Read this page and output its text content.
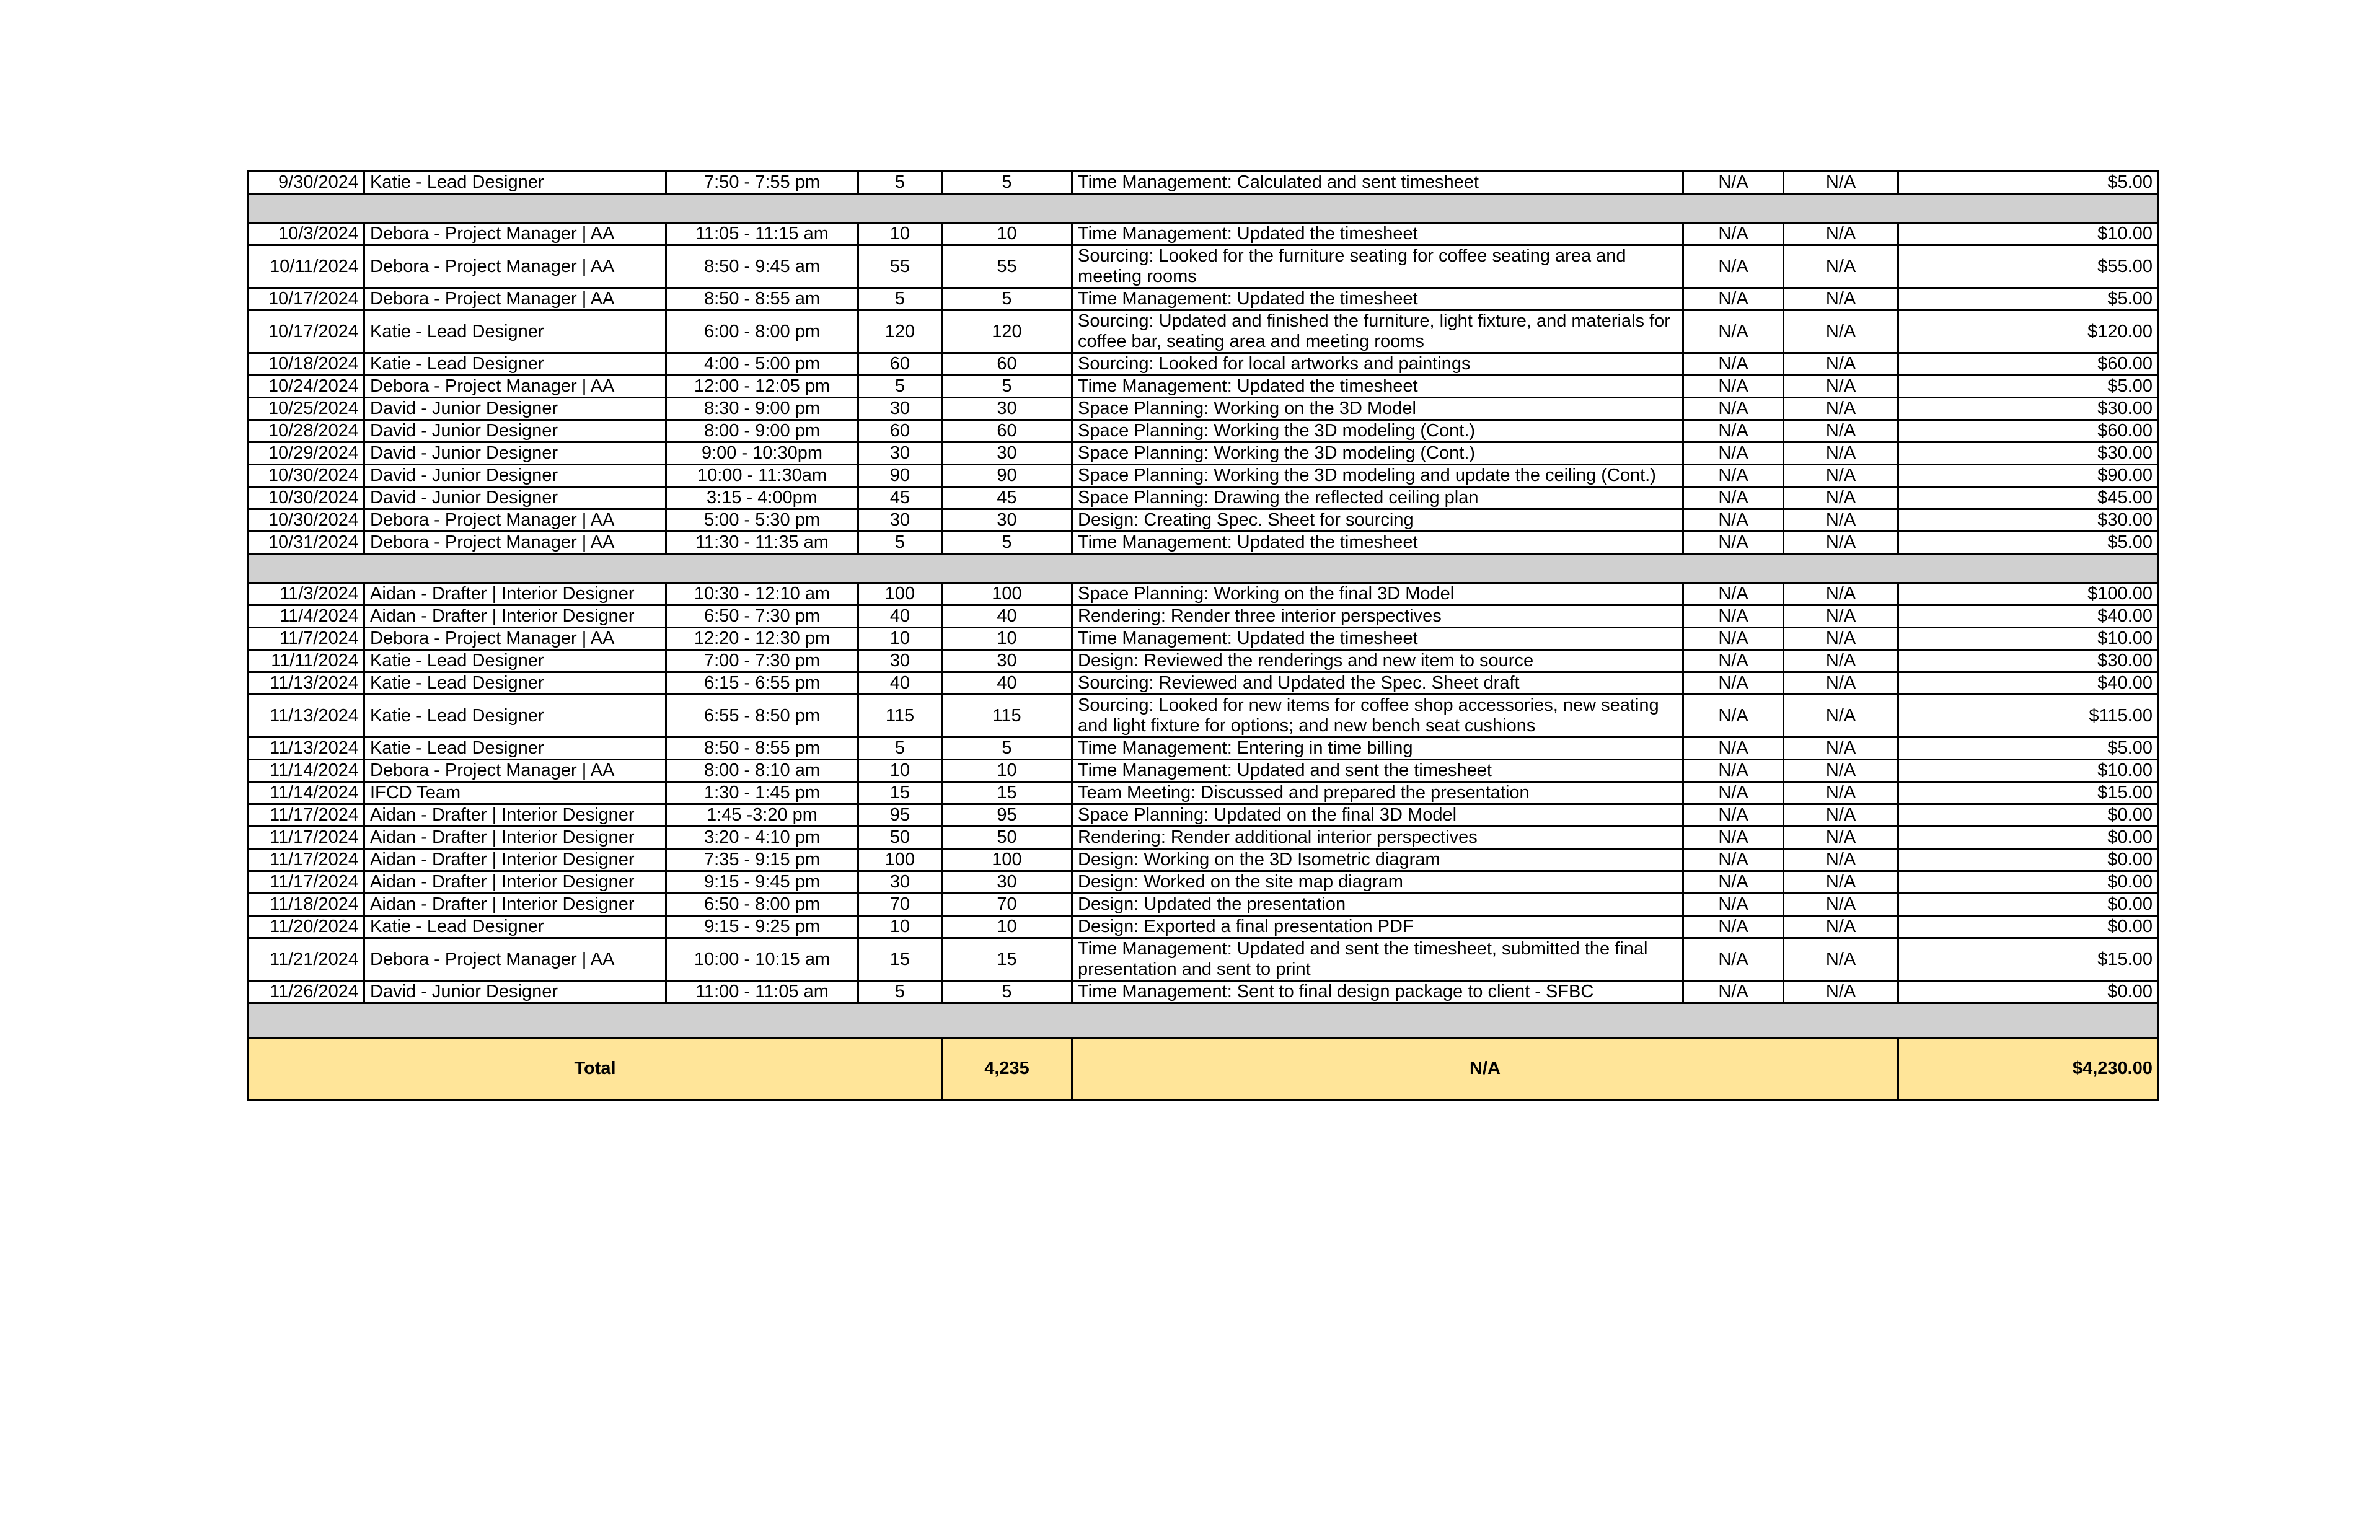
9/30/2024	Katie - Lead Designer	7:50 - 7:55 pm	5	5	Time Management: Calculated and sent timesheet	N/A	N/A	$5.00

10/3/2024	Debora - Project Manager | AA	11:05 - 11:15 am	10	10	Time Management: Updated the timesheet	N/A	N/A	$10.00
10/11/2024	Debora - Project Manager | AA	8:50 - 9:45 am	55	55	Sourcing: Looked for the furniture seating for coffee seating area and meeting rooms	N/A	N/A	$55.00
10/17/2024	Debora - Project Manager | AA	8:50 - 8:55 am	5	5	Time Management: Updated the timesheet	N/A	N/A	$5.00
10/17/2024	Katie - Lead Designer	6:00 - 8:00 pm	120	120	Sourcing: Updated and finished the furniture, light fixture, and materials for coffee bar, seating area and meeting rooms	N/A	N/A	$120.00
10/18/2024	Katie - Lead Designer	4:00 - 5:00 pm	60	60	Sourcing: Looked for local artworks and paintings	N/A	N/A	$60.00
10/24/2024	Debora - Project Manager | AA	12:00 - 12:05 pm	5	5	Time Management: Updated the timesheet	N/A	N/A	$5.00
10/25/2024	David - Junior Designer	8:30 - 9:00 pm	30	30	Space Planning: Working on the 3D Model	N/A	N/A	$30.00
10/28/2024	David - Junior Designer	8:00 - 9:00 pm	60	60	Space Planning: Working the 3D modeling (Cont.)	N/A	N/A	$60.00
10/29/2024	David - Junior Designer	9:00 - 10:30pm	30	30	Space Planning: Working the 3D modeling (Cont.)	N/A	N/A	$30.00
10/30/2024	David - Junior Designer	10:00 - 11:30am	90	90	Space Planning: Working the 3D modeling and update the ceiling (Cont.)	N/A	N/A	$90.00
10/30/2024	David - Junior Designer	3:15 - 4:00pm	45	45	Space Planning: Drawing the reflected ceiling plan	N/A	N/A	$45.00
10/30/2024	Debora - Project Manager | AA	5:00 - 5:30 pm	30	30	Design: Creating Spec. Sheet for sourcing	N/A	N/A	$30.00
10/31/2024	Debora - Project Manager | AA	11:30 - 11:35 am	5	5	Time Management: Updated the timesheet	N/A	N/A	$5.00

11/3/2024	Aidan - Drafter | Interior Designer	10:30 - 12:10 am	100	100	Space Planning: Working on the final 3D Model	N/A	N/A	$100.00
11/4/2024	Aidan - Drafter | Interior Designer	6:50 - 7:30 pm	40	40	Rendering: Render three interior perspectives	N/A	N/A	$40.00
11/7/2024	Debora - Project Manager | AA	12:20 - 12:30 pm	10	10	Time Management: Updated the timesheet	N/A	N/A	$10.00
11/11/2024	Katie - Lead Designer	7:00 - 7:30 pm	30	30	Design: Reviewed the renderings and new item to source	N/A	N/A	$30.00
11/13/2024	Katie - Lead Designer	6:15 - 6:55 pm	40	40	Sourcing: Reviewed and Updated the Spec. Sheet draft	N/A	N/A	$40.00
11/13/2024	Katie - Lead Designer	6:55 - 8:50 pm	115	115	Sourcing: Looked for new items for coffee shop accessories, new seating and light fixture for options; and new bench seat cushions	N/A	N/A	$115.00
11/13/2024	Katie - Lead Designer	8:50 - 8:55 pm	5	5	Time Management: Entering in time billing	N/A	N/A	$5.00
11/14/2024	Debora - Project Manager | AA	8:00 - 8:10 am	10	10	Time Management: Updated and sent the timesheet	N/A	N/A	$10.00
11/14/2024	IFCD Team	1:30 - 1:45 pm	15	15	Team Meeting: Discussed and prepared the presentation	N/A	N/A	$15.00
11/17/2024	Aidan - Drafter | Interior Designer	1:45 -3:20 pm	95	95	Space Planning: Updated on the final 3D Model	N/A	N/A	$0.00
11/17/2024	Aidan - Drafter | Interior Designer	3:20 - 4:10 pm	50	50	Rendering: Render additional interior perspectives	N/A	N/A	$0.00
11/17/2024	Aidan - Drafter | Interior Designer	7:35 - 9:15 pm	100	100	Design: Working on the 3D Isometric diagram	N/A	N/A	$0.00
11/17/2024	Aidan - Drafter | Interior Designer	9:15 - 9:45 pm	30	30	Design: Worked on the site map diagram	N/A	N/A	$0.00
11/18/2024	Aidan - Drafter | Interior Designer	6:50 - 8:00 pm	70	70	Design: Updated the presentation	N/A	N/A	$0.00
11/20/2024	Katie - Lead Designer	9:15 - 9:25 pm	10	10	Design: Exported a final presentation PDF	N/A	N/A	$0.00
11/21/2024	Debora - Project Manager | AA	10:00 - 10:15 am	15	15	Time Management: Updated and sent the timesheet, submitted the final presentation and sent to print	N/A	N/A	$15.00
11/26/2024	David - Junior Designer	11:00 - 11:05 am	5	5	Time Management: Sent to final design package to client - SFBC	N/A	N/A	$0.00

Total				4,235	N/A			$4,230.00
